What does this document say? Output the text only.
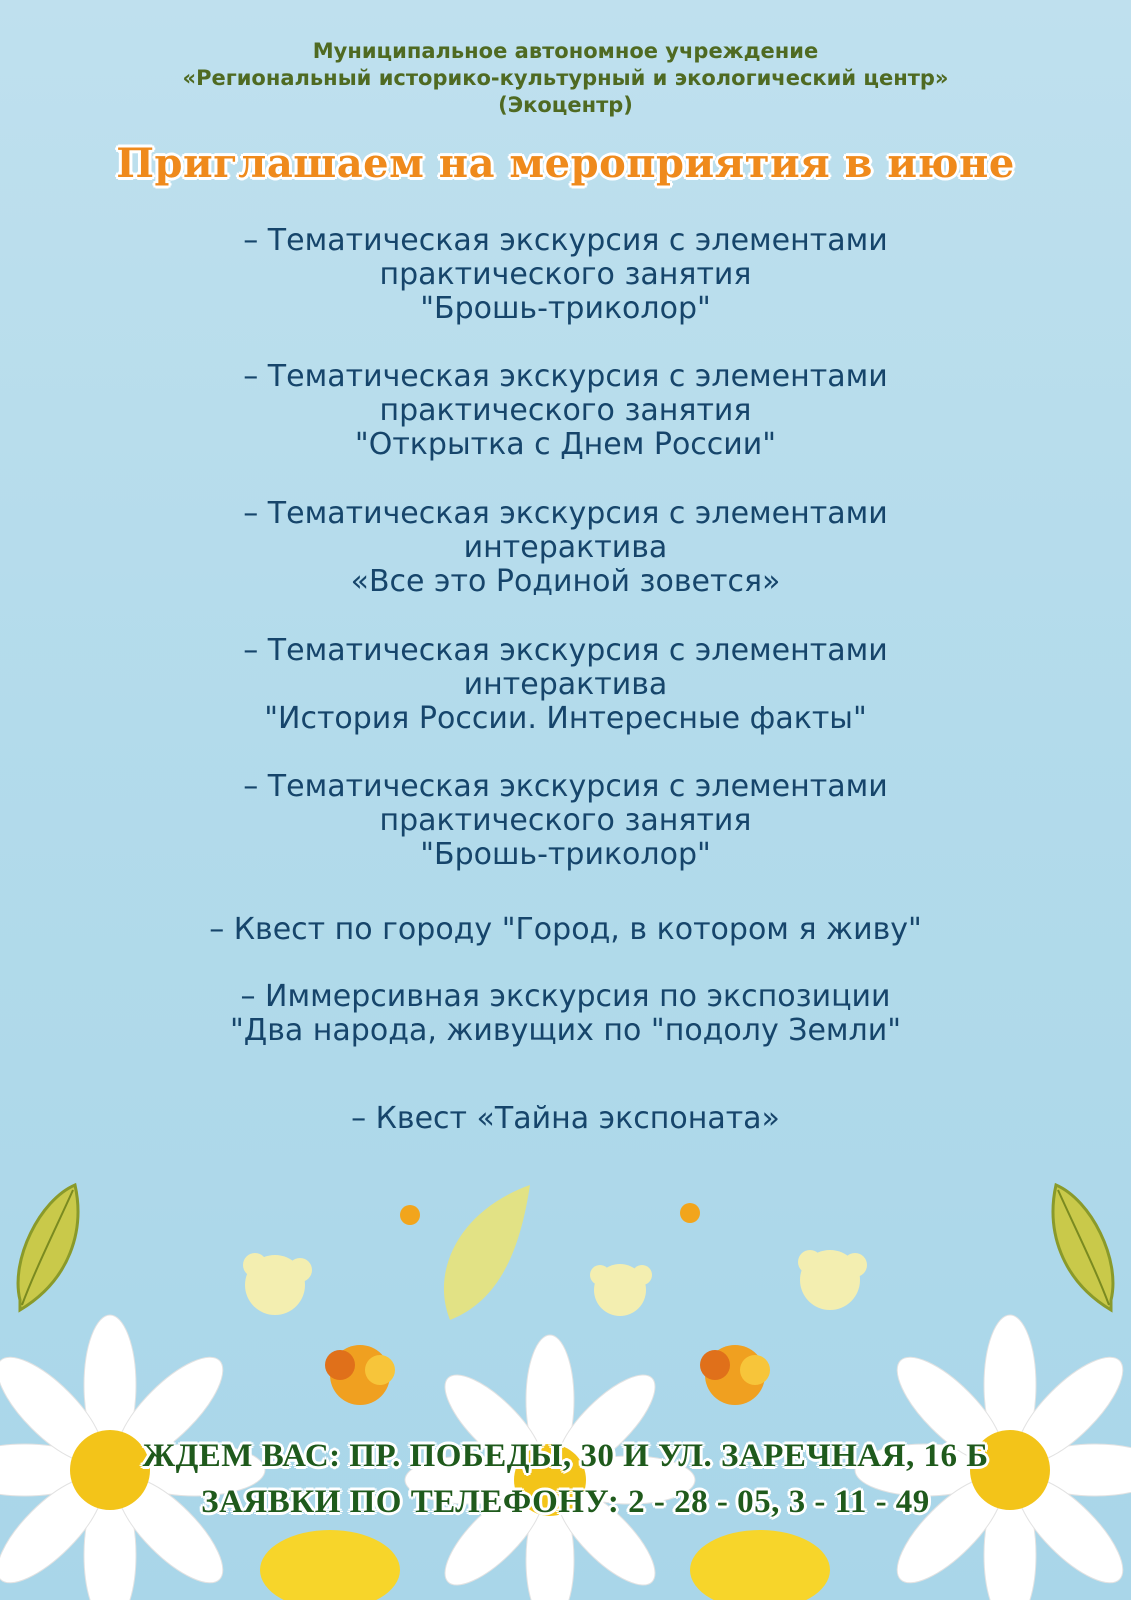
Муниципальное автономное учреждение
«Региональный историко-культурный и экологический центр»
(Экоцентр)
Приглашаем на мероприятия в июне
– Тематическая экскурсия с элементами
практического занятия
"Брошь-триколор"
– Тематическая экскурсия с элементами
практического занятия
"Открытка с Днем России"
– Тематическая экскурсия с элементами
интерактива
«Все это Родиной зовется»
– Тематическая экскурсия с элементами
интерактива
"История России. Интересные факты"
– Тематическая экскурсия с элементами
практического занятия
"Брошь-триколор"
– Квест по городу "Город, в котором я живу"
– Иммерсивная экскурсия по экспозиции
"Два народа, живущих по "подолу Земли"
– Квест «Тайна экспоната»
ЖДЕМ ВАС: ПР. ПОБЕДЫ, 30 И УЛ. ЗАРЕЧНАЯ, 16 Б
ЗАЯВКИ ПО ТЕЛЕФОНУ: 2 - 28 - 05, 3 - 11 - 49
